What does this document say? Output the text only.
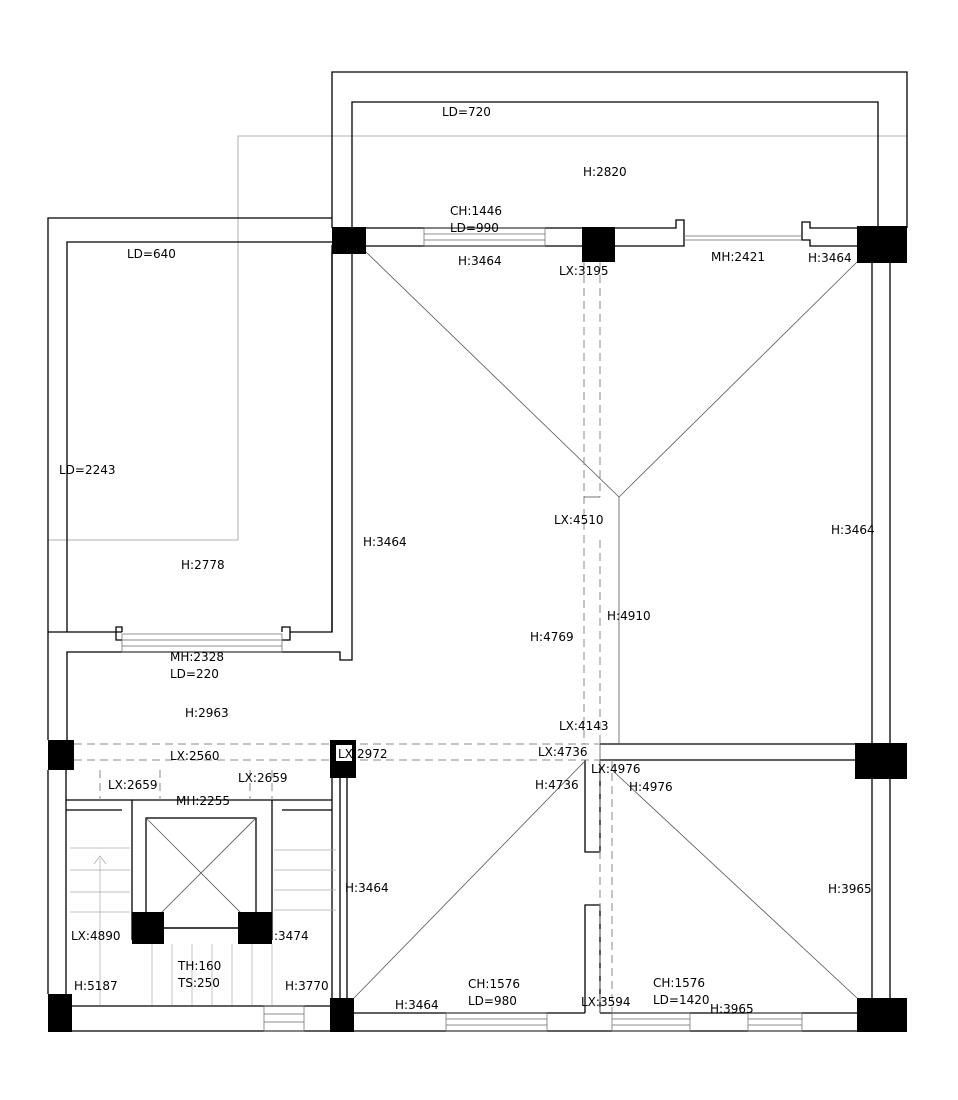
LD=720
H:2820
CH:1446
LD=990
H:3464
LX:3195
MH:2421	H:3464
LD=640
LD=2243
H:2778
H:3464
LX:4510
H:3464
H:4910
H:4769
MH:2328
LD=220
H:2963
LX:4143
LX:2560	LX:2972	LX:4736
LX:4976
H:4736	H:4976
LX:2659	LX:2659
MH:2255
H:3464	H:3965
LX:4890	:3474
TH:160
TS:250
H:5187	H:3770
H:3464
CH:1576
LD=980	LX:3594
CH:1576
LD=1420
H:3965
